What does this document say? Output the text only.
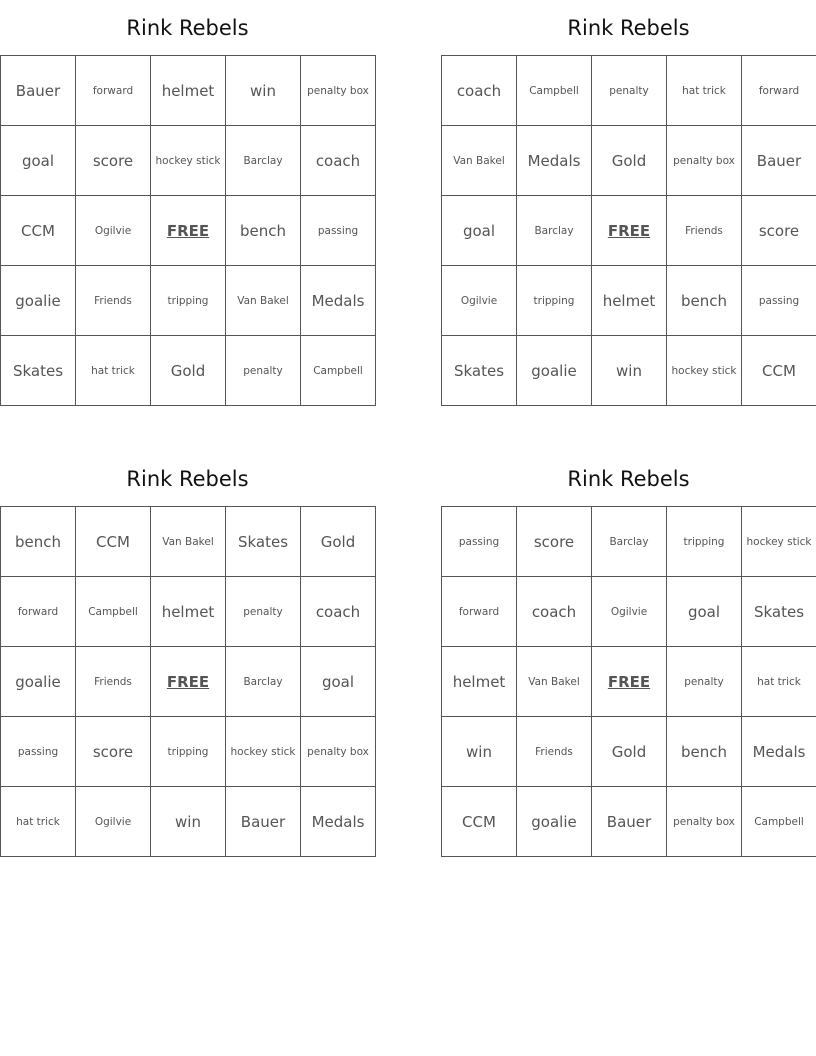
Rink Rebels
Bauer	forward	helmet	win	penalty box
goal	score	hockey stick	Barclay	coach
CCM	Ogilvie	FREE	bench	passing
goalie	Friends	tripping	Van Bakel	Medals
Skates	hat trick	Gold	penalty	Campbell
Rink Rebels
coach	Campbell	penalty	hat trick	forward
Van Bakel	Medals	Gold	penalty box	Bauer
goal	Barclay	FREE	Friends	score
Ogilvie	tripping	helmet	bench	passing
Skates	goalie	win	hockey stick	CCM
Rink Rebels
bench	CCM	Van Bakel	Skates	Gold
forward	Campbell	helmet	penalty	coach
goalie	Friends	FREE	Barclay	goal
passing	score	tripping	hockey stick	penalty box
hat trick	Ogilvie	win	Bauer	Medals
Rink Rebels
passing	score	Barclay	tripping	hockey stick
forward	coach	Ogilvie	goal	Skates
helmet	Van Bakel	FREE	penalty	hat trick
win	Friends	Gold	bench	Medals
CCM	goalie	Bauer	penalty box	Campbell
